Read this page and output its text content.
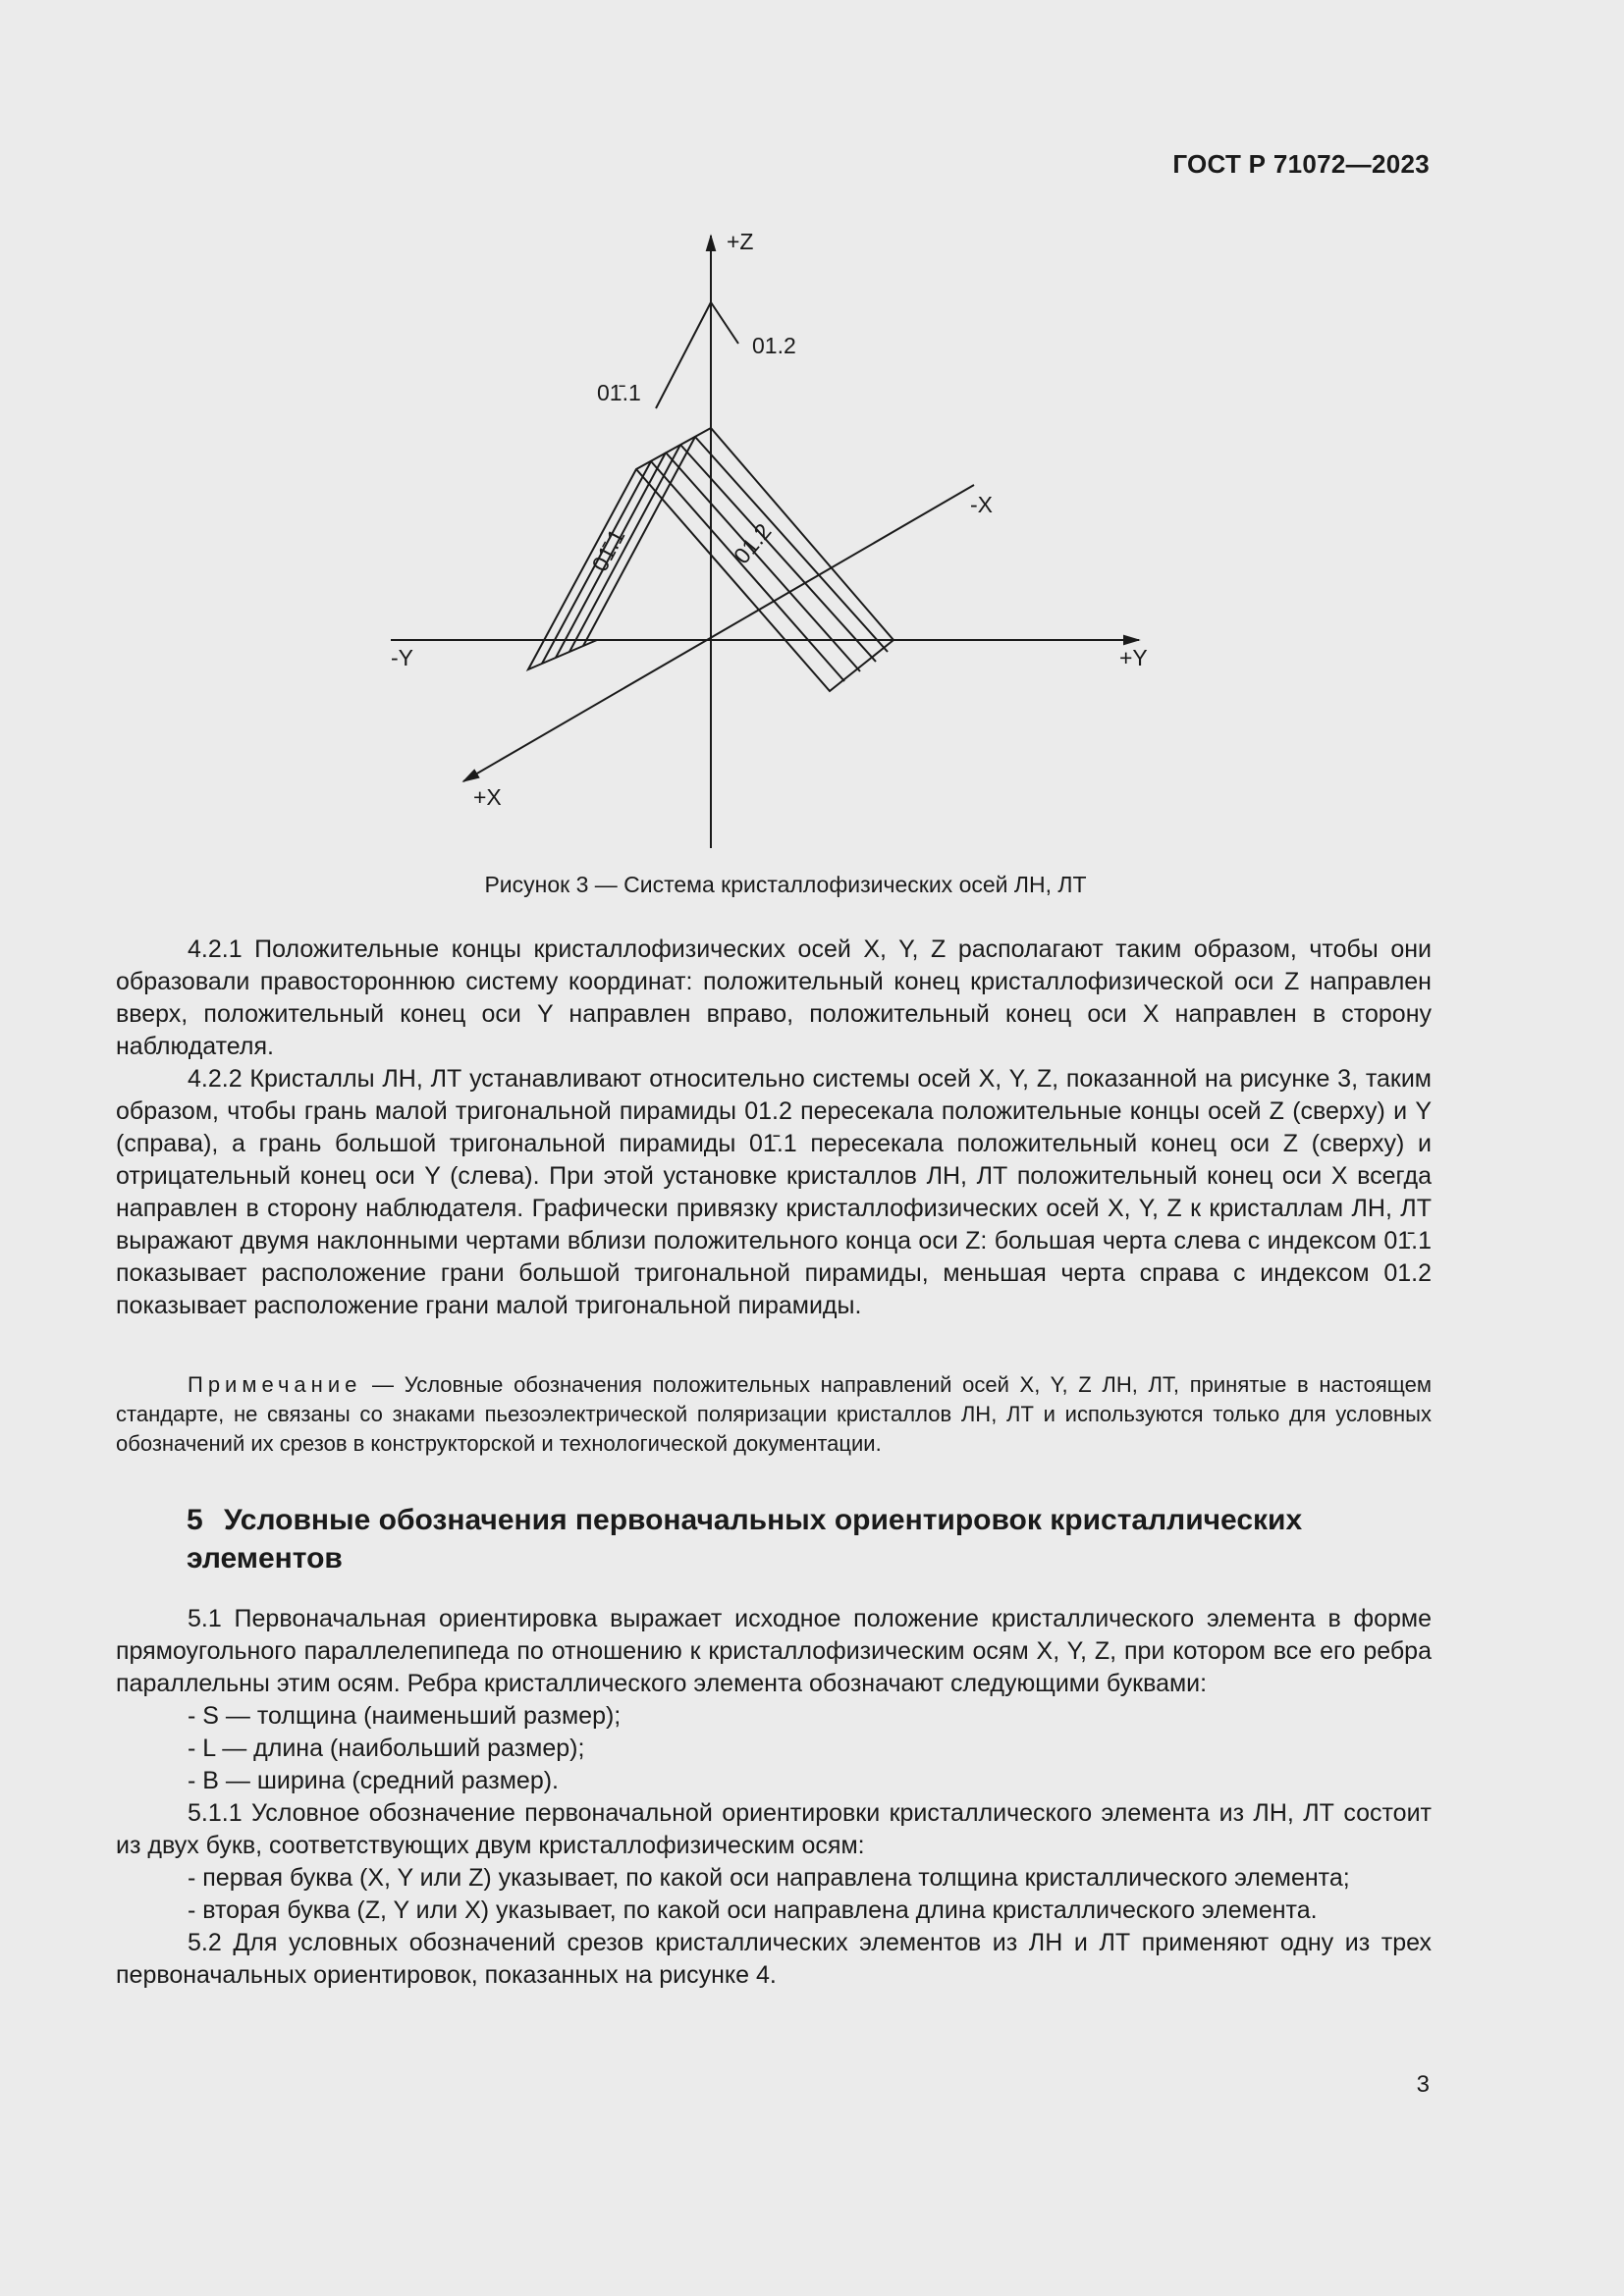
ГОСТ Р 71072—2023
+Z
01.2
01̄.1
-X
-Y	+Y
+X
01̄.1	01.2
Рисунок 3 — Система кристаллофизических осей ЛН, ЛТ

4.2.1 Положительные концы кристаллофизических осей X, Y, Z располагают таким образом, чтобы они образовали правостороннюю систему координат: положительный конец кристаллофизической оси Z направлен вверх, положительный конец оси Y направлен вправо, положительный конец оси X направлен в сторону наблюдателя.

4.2.2 Кристаллы ЛН, ЛТ устанавливают относительно системы осей X, Y, Z, показанной на рисунке 3, таким образом, чтобы грань малой тригональной пирамиды 01.2 пересекала положительные концы осей Z (сверху) и Y (справа), а грань большой тригональной пирамиды 01̄.1 пересекала положительный конец оси Z (сверху) и отрицательный конец оси Y (слева). При этой установке кристаллов ЛН, ЛТ положительный конец оси X всегда направлен в сторону наблюдателя. Графически привязку кристаллофизических осей X, Y, Z к кристаллам ЛН, ЛТ выражают двумя наклонными чертами вблизи положительного конца оси Z: большая черта слева с индексом 01̄.1 показывает расположение грани большой тригональной пирамиды, меньшая черта справа с индексом 01.2 показывает расположение грани малой тригональной пирамиды.

Примечание — Условные обозначения положительных направлений осей X, Y, Z ЛН, ЛТ, принятые в настоящем стандарте, не связаны со знаками пьезоэлектрической поляризации кристаллов ЛН, ЛТ и используются только для условных обозначений их срезов в конструкторской и технологической документации.

5 Условные обозначения первоначальных ориентировок кристаллических элементов

5.1 Первоначальная ориентировка выражает исходное положение кристаллического элемента в форме прямоугольного параллелепипеда по отношению к кристаллофизическим осям X, Y, Z, при котором все его ребра параллельны этим осям. Ребра кристаллического элемента обозначают следующими буквами:

- S — толщина (наименьший размер);

- L — длина (наибольший размер);

- B — ширина (средний размер).

5.1.1 Условное обозначение первоначальной ориентировки кристаллического элемента из ЛН, ЛТ состоит из двух букв, соответствующих двум кристаллофизическим осям:

- первая буква (X, Y или Z) указывает, по какой оси направлена толщина кристаллического элемента;

- вторая буква (Z, Y или X) указывает, по какой оси направлена длина кристаллического элемента.

5.2 Для условных обозначений срезов кристаллических элементов из ЛН и ЛТ применяют одну из трех первоначальных ориентировок, показанных на рисунке 4.

3
